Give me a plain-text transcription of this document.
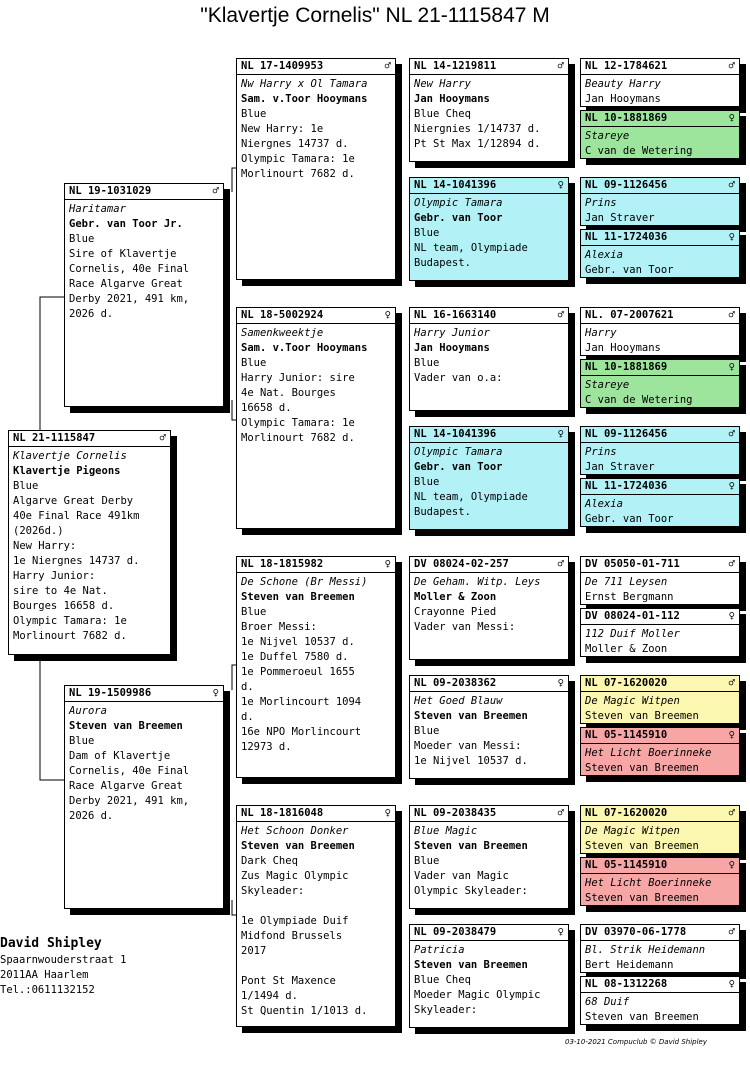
"Klavertje Cornelis" NL 21-1115847 M
NL 21-1115847	♂
Klavertje Cornelis
Klavertje Pigeons
Blue
Algarve Great Derby
40e Final Race 491km
(2026d.)
New Harry:
1e Niergnes 14737 d.
Harry Junior:
sire to 4e Nat.
Bourges 16658 d.
Olympic Tamara: 1e
Morlinourt 7682 d.
NL 19-1031029	♂
Haritamar
Gebr. van Toor Jr.
Blue
Sire of Klavertje
Cornelis, 40e Final
Race Algarve Great
Derby 2021, 491 km,
2026 d.
NL 19-1509986	♀
Aurora
Steven van Breemen
Blue
Dam of Klavertje
Cornelis, 40e Final
Race Algarve Great
Derby 2021, 491 km,
2026 d.
NL 17-1409953	♂
Nw Harry x Ol Tamara
Sam. v.Toor Hooymans
Blue
New Harry: 1e
Niergnes 14737 d.
Olympic Tamara: 1e
Morlinourt 7682 d.
NL 18-5002924	♀
Samenkweektje
Sam. v.Toor Hooymans
Blue
Harry Junior: sire
4e Nat. Bourges
16658 d.
Olympic Tamara: 1e
Morlinourt 7682 d.
NL 18-1815982	♀
De Schone (Br Messi)
Steven van Breemen
Blue
Broer Messi:
1e Nijvel 10537 d.
1e Duffel 7580 d.
1e Pommeroeul 1655
d.
1e Morlincourt 1094
d.
16e NPO Morlincourt
12973 d.
NL 18-1816048	♀
Het Schoon Donker
Steven van Breemen
Dark Cheq
Zus Magic Olympic
Skyleader:

1e Olympiade Duif
Midfond Brussels
2017

Pont St Maxence
1/1494 d.
St Quentin 1/1013 d.
NL 14-1219811	♂
New Harry
Jan Hooymans
Blue Cheq
Niergnies 1/14737 d.
Pt St Max 1/12894 d.
NL 14-1041396	♀
Olympic Tamara
Gebr. van Toor
Blue
NL team, Olympiade
Budapest.
NL 16-1663140	♂
Harry Junior
Jan Hooymans
Blue
Vader van o.a:
NL 14-1041396	♀
Olympic Tamara
Gebr. van Toor
Blue
NL team, Olympiade
Budapest.
DV 08024-02-257	♂
De Geham. Witp. Leys
Moller & Zoon
Crayonne Pied
Vader van Messi:
NL 09-2038362	♀
Het Goed Blauw
Steven van Breemen
Blue
Moeder van Messi:
1e Nijvel 10537 d.
NL 09-2038435	♂
Blue Magic
Steven van Breemen
Blue
Vader van Magic
Olympic Skyleader:
NL 09-2038479	♀
Patricia
Steven van Breemen
Blue Cheq
Moeder Magic Olympic
Skyleader:
NL 12-1784621	♂
Beauty Harry
Jan Hooymans
NL 10-1881869	♀
Stareye
C van de Wetering
NL 09-1126456	♂
Prins
Jan Straver
NL 11-1724036	♀
Alexia
Gebr. van Toor
NL. 07-2007621	♂
Harry
Jan Hooymans
NL 10-1881869	♀
Stareye
C van de Wetering
NL 09-1126456	♂
Prins
Jan Straver
NL 11-1724036	♀
Alexia
Gebr. van Toor
DV 05050-01-711	♂
De 711 Leysen
Ernst Bergmann
DV 08024-01-112	♀
112 Duif Moller
Moller & Zoon
NL 07-1620020	♂
De Magic Witpen
Steven van Breemen
NL 05-1145910	♀
Het Licht Boerinneke
Steven van Breemen
NL 07-1620020	♂
De Magic Witpen
Steven van Breemen
NL 05-1145910	♀
Het Licht Boerinneke
Steven van Breemen
DV 03970-06-1778	♂
Bl. Strik Heidemann
Bert Heidemann
NL 08-1312268	♀
68 Duif
Steven van Breemen
David Shipley
Spaarnwouderstraat 1
2011AA Haarlem
Tel.:0611132152
03-10-2021 Compuclub © David Shipley
